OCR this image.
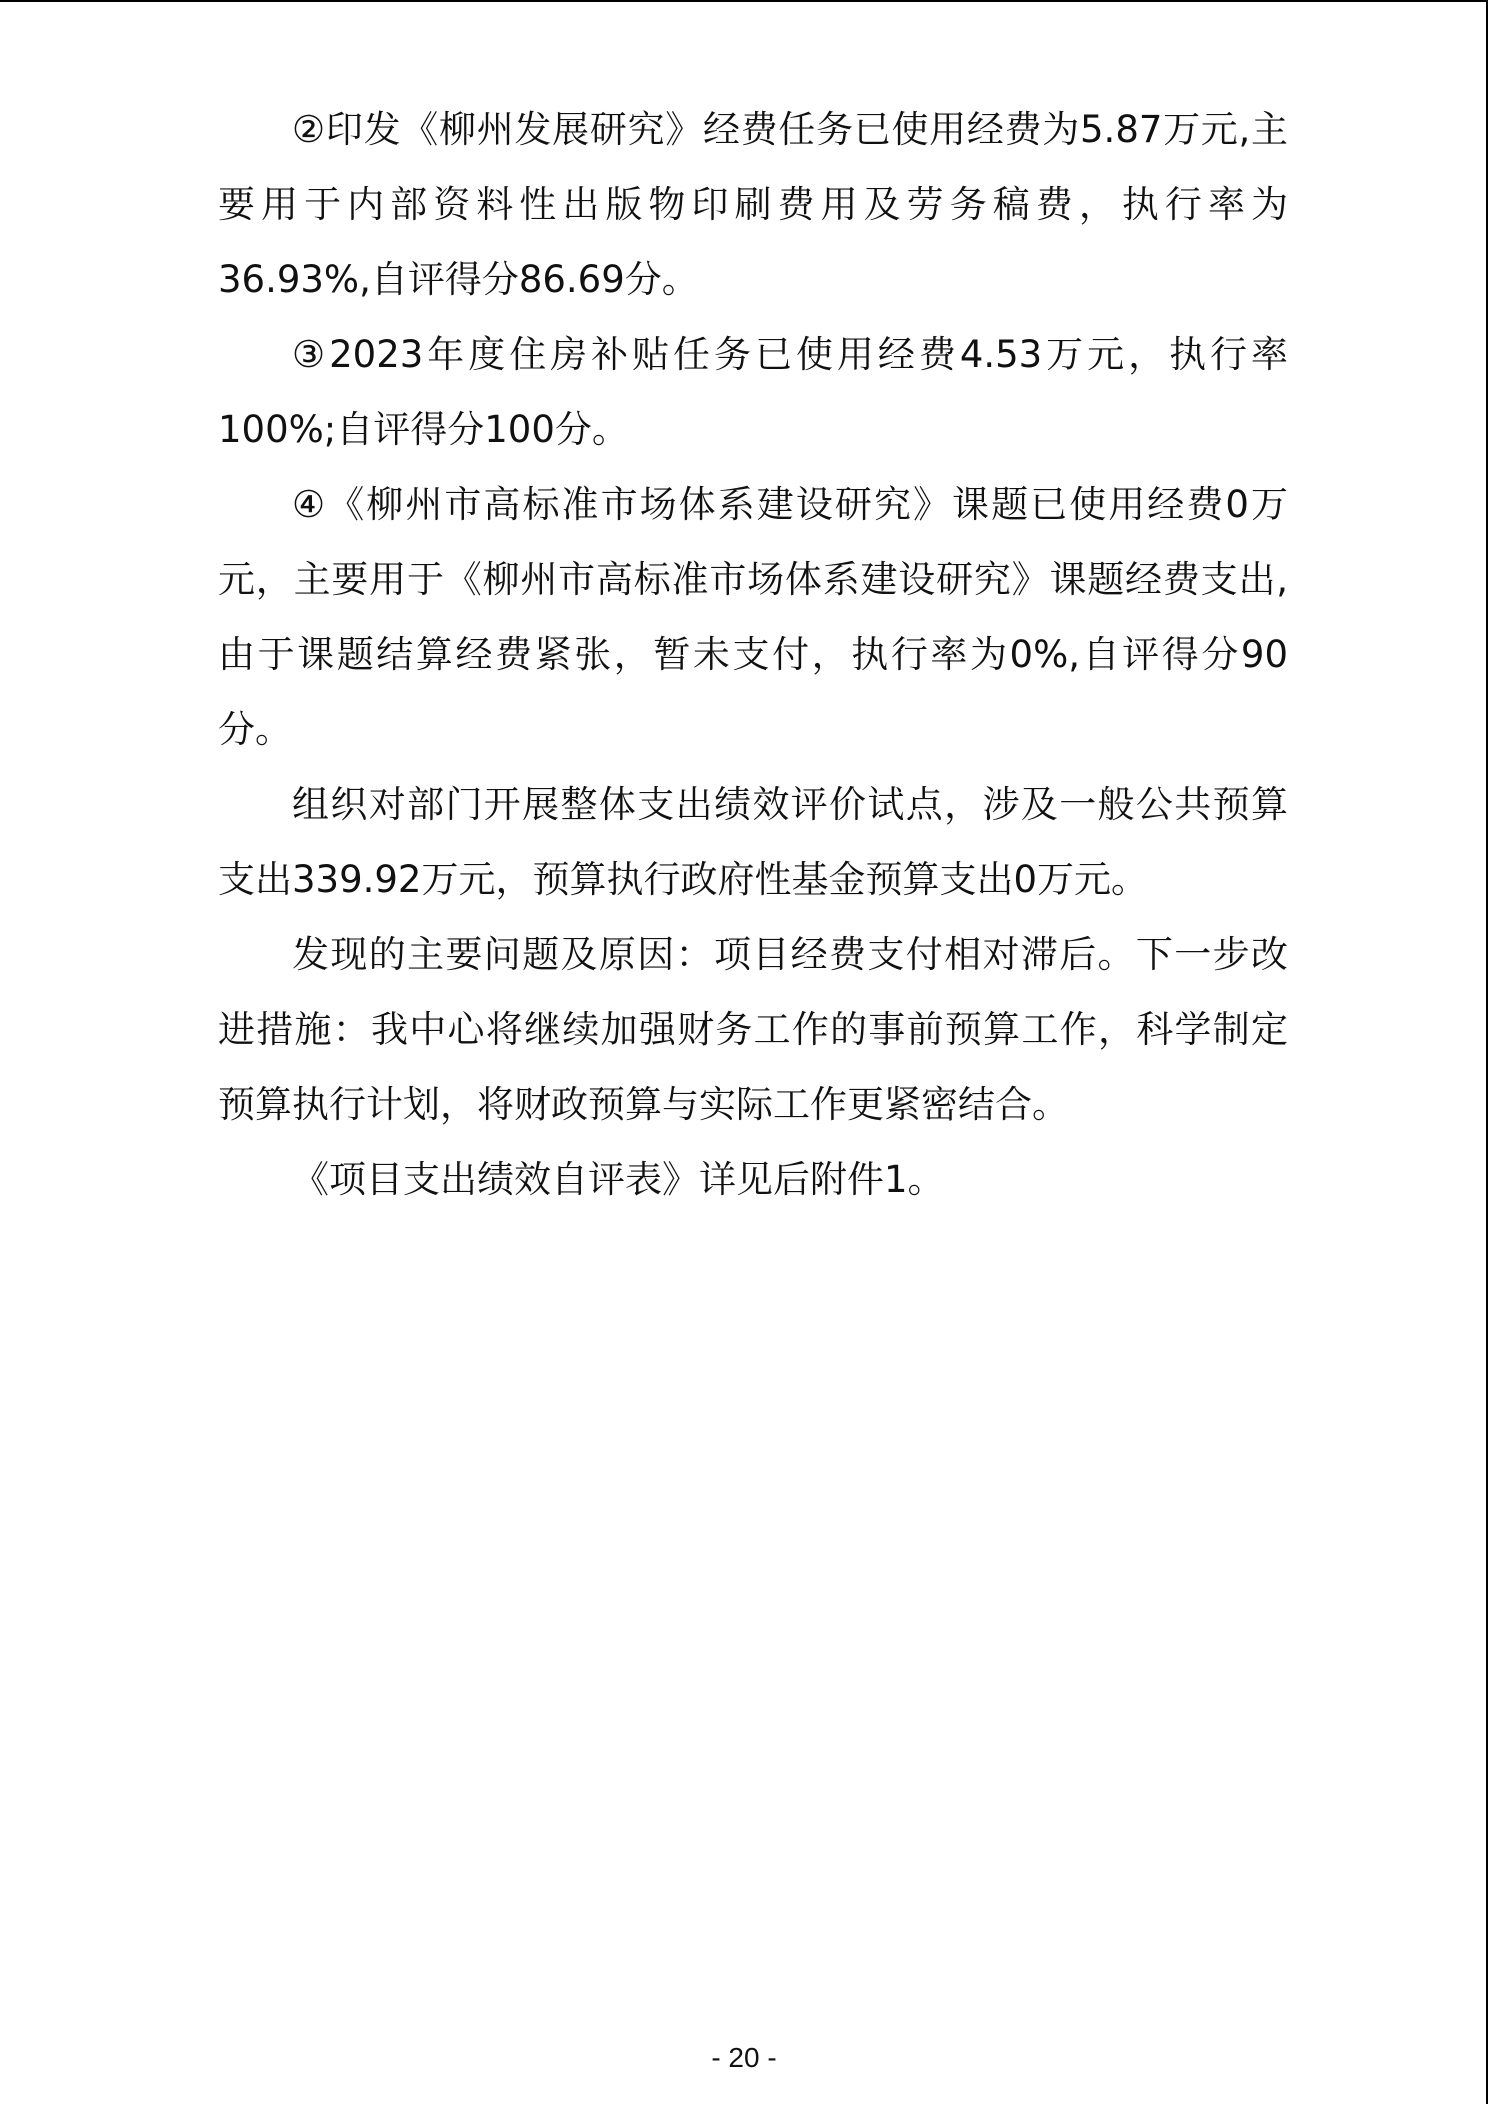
②印发《柳州发展研究》经费任务已使用经费为5.87万元,主要用于内部资料性出版物印刷费用及劳务稿费，执行率为36.93%,自评得分86.69分。

③2023年度住房补贴任务已使用经费4.53万元，执行率100%;自评得分100分。

④《柳州市高标准市场体系建设研究》课题已使用经费0万元，主要用于《柳州市高标准市场体系建设研究》课题经费支出,由于课题结算经费紧张，暂未支付，执行率为0%,自评得分90分。

组织对部门开展整体支出绩效评价试点，涉及一般公共预算支出339.92万元，预算执行政府性基金预算支出0万元。

发现的主要问题及原因：项目经费支付相对滞后。下一步改进措施：我中心将继续加强财务工作的事前预算工作，科学制定预算执行计划，将财政预算与实际工作更紧密结合。

《项目支出绩效自评表》详见后附件1。

- 20 -
